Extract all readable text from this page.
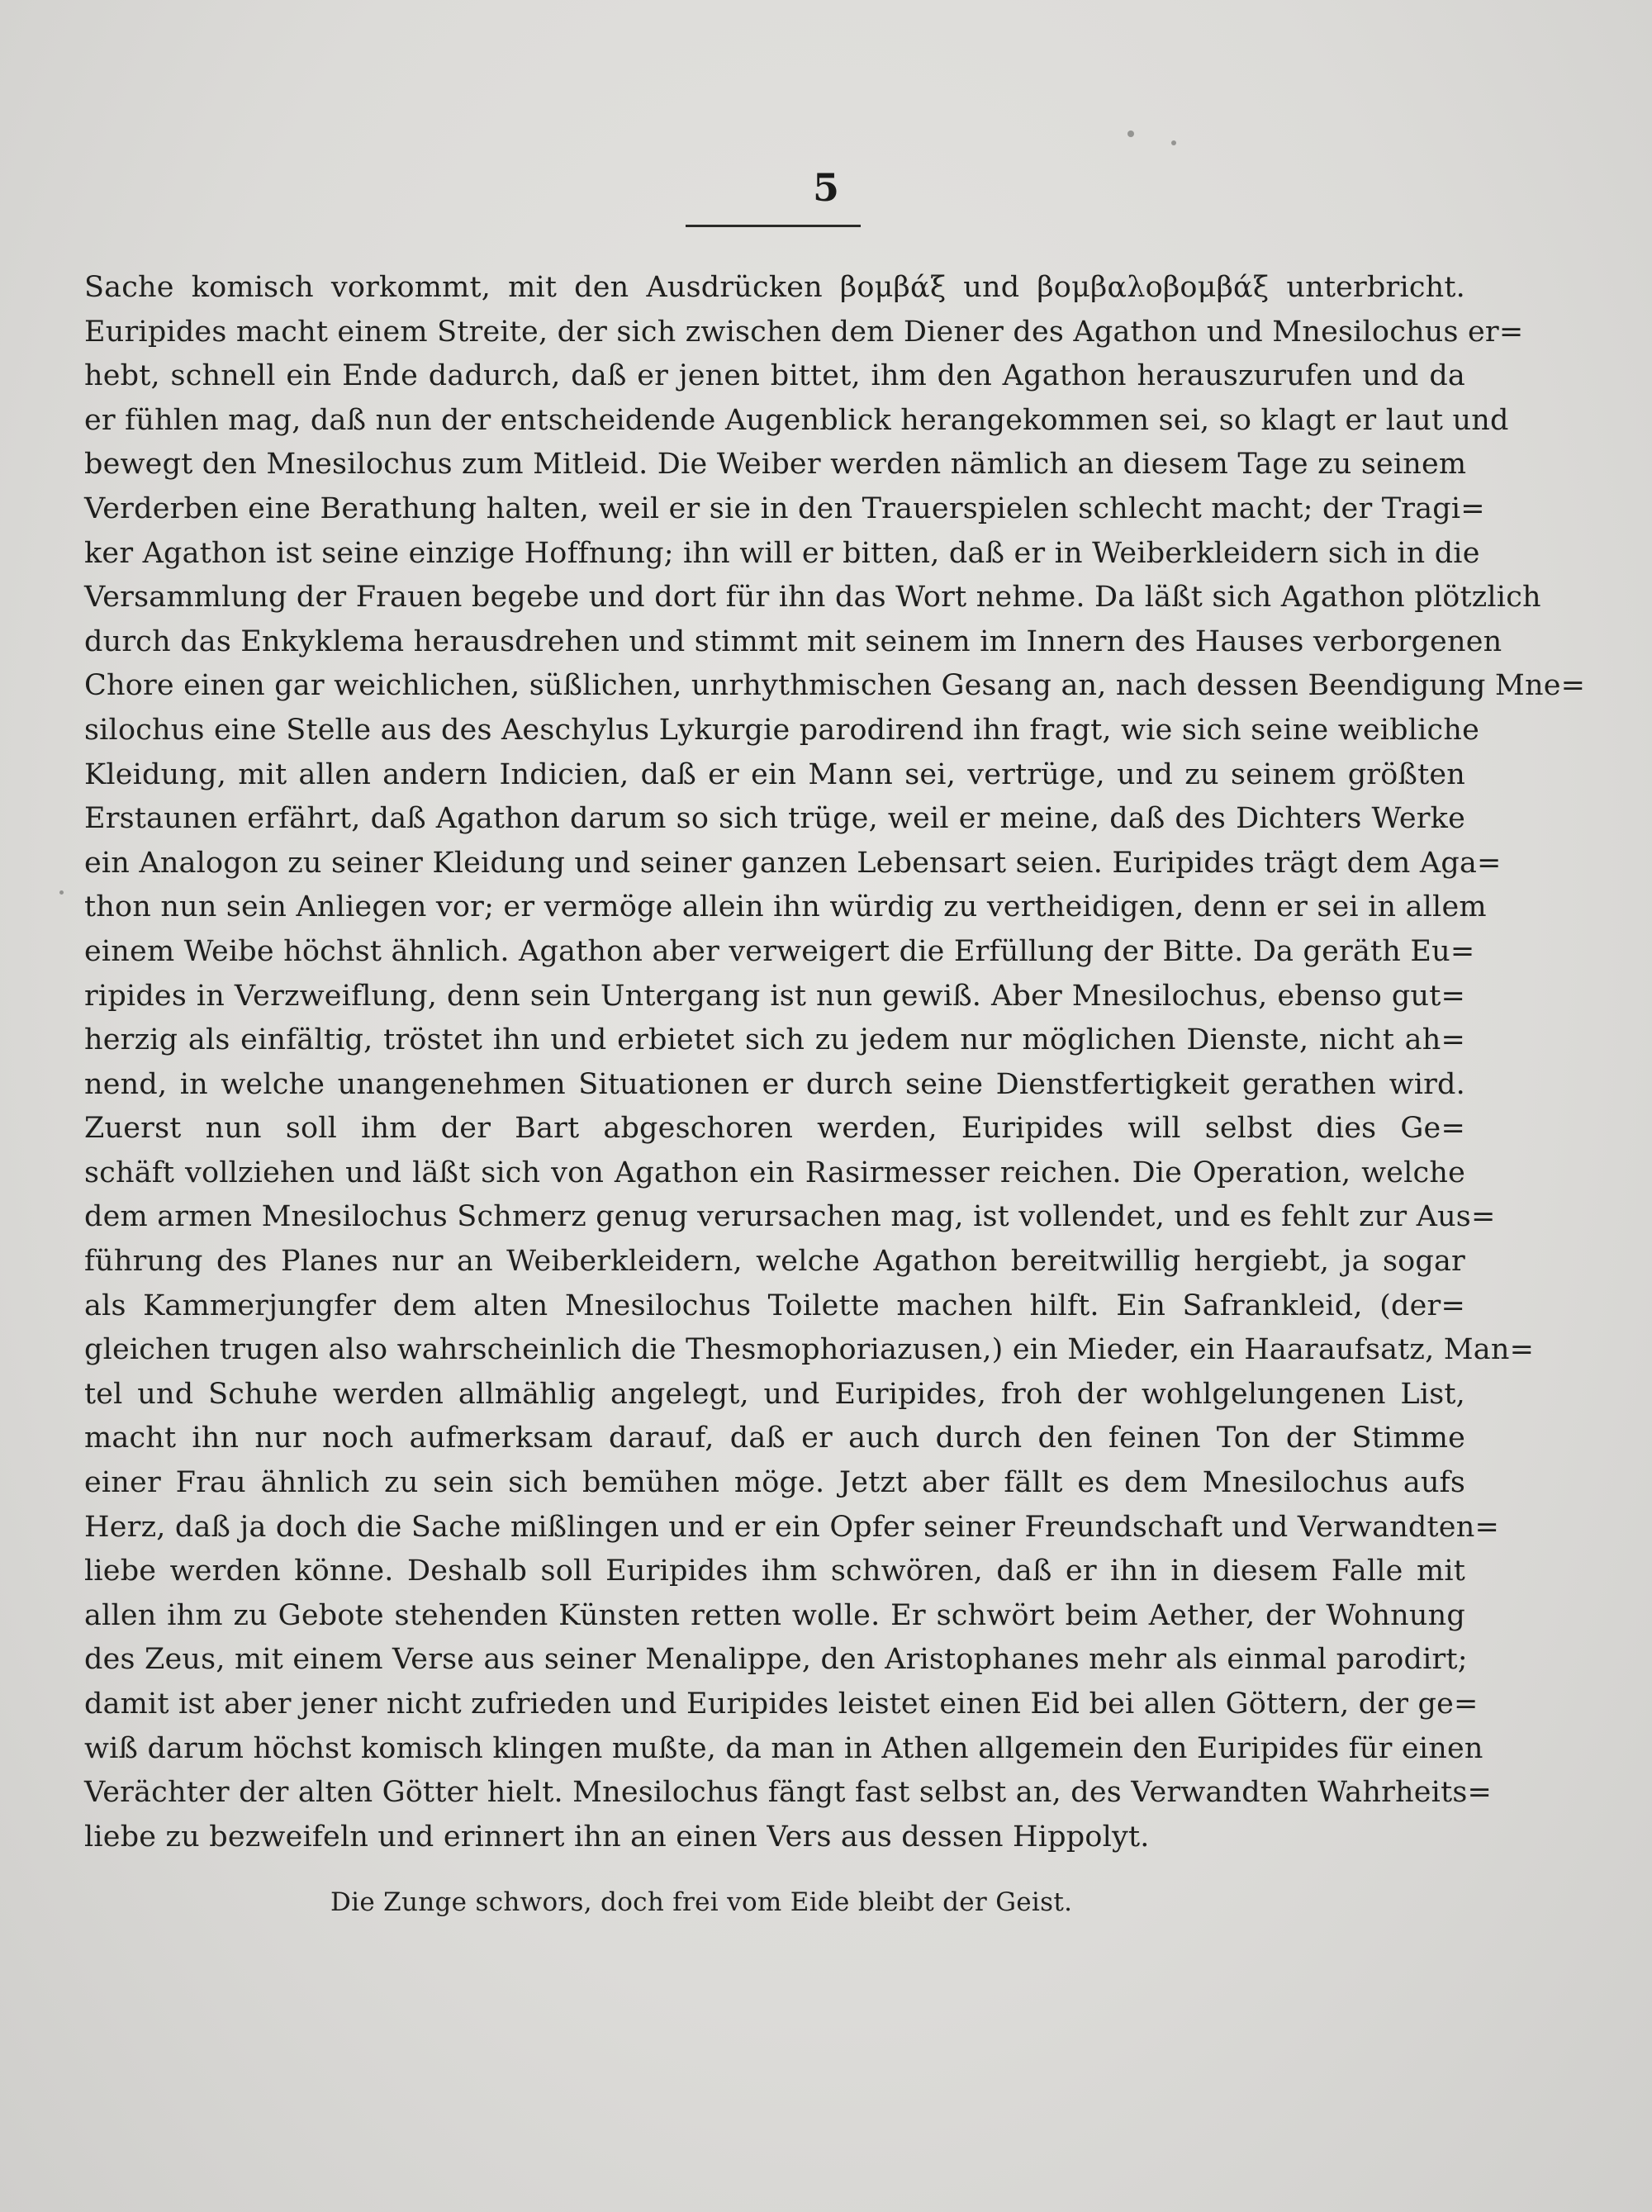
5
Sache komisch vorkommt, mit den Ausdrücken βομβάξ und βομβαλοβομβάξ unterbricht.
Euripides macht einem Streite, der sich zwischen dem Diener des Agathon und Mnesilochus er=
hebt, schnell ein Ende dadurch, daß er jenen bittet, ihm den Agathon herauszurufen und da
er fühlen mag, daß nun der entscheidende Augenblick herangekommen sei, so klagt er laut und
bewegt den Mnesilochus zum Mitleid. Die Weiber werden nämlich an diesem Tage zu seinem
Verderben eine Berathung halten, weil er sie in den Trauerspielen schlecht macht; der Tragi=
ker Agathon ist seine einzige Hoffnung; ihn will er bitten, daß er in Weiberkleidern sich in die
Versammlung der Frauen begebe und dort für ihn das Wort nehme. Da läßt sich Agathon plötzlich
durch das Enkyklema herausdrehen und stimmt mit seinem im Innern des Hauses verborgenen
Chore einen gar weichlichen, süßlichen, unrhythmischen Gesang an, nach dessen Beendigung Mne=
silochus eine Stelle aus des Aeschylus Lykurgie parodirend ihn fragt, wie sich seine weibliche
Kleidung, mit allen andern Indicien, daß er ein Mann sei, vertrüge, und zu seinem größten
Erstaunen erfährt, daß Agathon darum so sich trüge, weil er meine, daß des Dichters Werke
ein Analogon zu seiner Kleidung und seiner ganzen Lebensart seien. Euripides trägt dem Aga=
thon nun sein Anliegen vor; er vermöge allein ihn würdig zu vertheidigen, denn er sei in allem
einem Weibe höchst ähnlich. Agathon aber verweigert die Erfüllung der Bitte. Da geräth Eu=
ripides in Verzweiflung, denn sein Untergang ist nun gewiß. Aber Mnesilochus, ebenso gut=
herzig als einfältig, tröstet ihn und erbietet sich zu jedem nur möglichen Dienste, nicht ah=
nend, in welche unangenehmen Situationen er durch seine Dienstfertigkeit gerathen wird.
Zuerst nun soll ihm der Bart abgeschoren werden, Euripides will selbst dies Ge=
schäft vollziehen und läßt sich von Agathon ein Rasirmesser reichen. Die Operation, welche
dem armen Mnesilochus Schmerz genug verursachen mag, ist vollendet, und es fehlt zur Aus=
führung des Planes nur an Weiberkleidern, welche Agathon bereitwillig hergiebt, ja sogar
als Kammerjungfer dem alten Mnesilochus Toilette machen hilft. Ein Safrankleid, (der=
gleichen trugen also wahrscheinlich die Thesmophoriazusen,) ein Mieder, ein Haaraufsatz, Man=
tel und Schuhe werden allmählig angelegt, und Euripides, froh der wohlgelungenen List,
macht ihn nur noch aufmerksam darauf, daß er auch durch den feinen Ton der Stimme
einer Frau ähnlich zu sein sich bemühen möge. Jetzt aber fällt es dem Mnesilochus aufs
Herz, daß ja doch die Sache mißlingen und er ein Opfer seiner Freundschaft und Verwandten=
liebe werden könne. Deshalb soll Euripides ihm schwören, daß er ihn in diesem Falle mit
allen ihm zu Gebote stehenden Künsten retten wolle. Er schwört beim Aether, der Wohnung
des Zeus, mit einem Verse aus seiner Menalippe, den Aristophanes mehr als einmal parodirt;
damit ist aber jener nicht zufrieden und Euripides leistet einen Eid bei allen Göttern, der ge=
wiß darum höchst komisch klingen mußte, da man in Athen allgemein den Euripides für einen
Verächter der alten Götter hielt. Mnesilochus fängt fast selbst an, des Verwandten Wahrheits=
liebe zu bezweifeln und erinnert ihn an einen Vers aus dessen Hippolyt.
Die Zunge schwors, doch frei vom Eide bleibt der Geist.
